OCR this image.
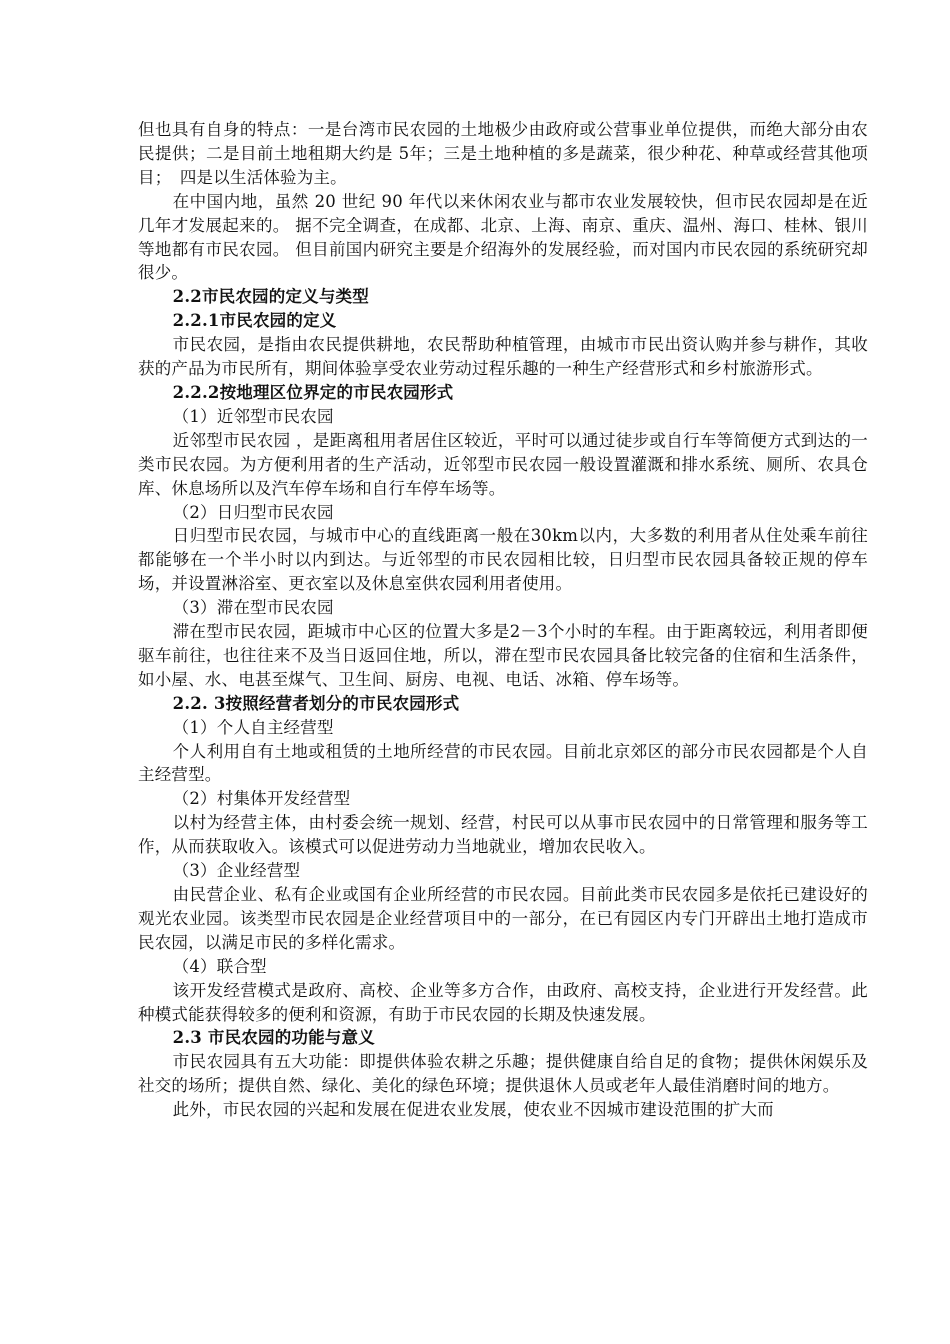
但也具有自身的特点：一是台湾市民农园的土地极少由政府或公营事业单位提供，而绝大部分由农民提供；二是目前土地租期大约是 5年；三是土地种植的多是蔬菜，很少种花、种草或经营其他项目；　四是以生活体验为主。

在中国内地，虽然 20 世纪 90 年代以来休闲农业与都市农业发展较快，但市民农园却是在近几年才发展起来的。 据不完全调查，在成都、北京、上海、南京、重庆、温州、海口、桂林、银川等地都有市民农园。 但目前国内研究主要是介绍海外的发展经验，而对国内市民农园的系统研究却很少。

2.2市民农园的定义与类型

2.2.1市民农园的定义

市民农园，是指由农民提供耕地，农民帮助种植管理，由城市市民出资认购并参与耕作，其收获的产品为市民所有，期间体验享受农业劳动过程乐趣的一种生产经营形式和乡村旅游形式。

2.2.2按地理区位界定的市民农园形式

（1）近邻型市民农园

近邻型市民农园 ，是距离租用者居住区较近，平时可以通过徒步或自行车等简便方式到达的一类市民农园。为方便利用者的生产活动，近邻型市民农园一般设置灌溉和排水系统、厕所、农具仓库、休息场所以及汽车停车场和自行车停车场等。

（2）日归型市民农园

日归型市民农园，与城市中心的直线距离一般在30km以内，大多数的利用者从住处乘车前往都能够在一个半小时以内到达。与近邻型的市民农园相比较，日归型市民农园具备较正规的停车场，并设置淋浴室、更衣室以及休息室供农园利用者使用。

（3）滞在型市民农园

滞在型市民农园，距城市中心区的位置大多是2－3个小时的车程。由于距离较远，利用者即便驱车前往，也往往来不及当日返回住地，所以，滞在型市民农园具备比较完备的住宿和生活条件，如小屋、水、电甚至煤气、卫生间、厨房、电视、电话、冰箱、停车场等。

2.2. 3按照经营者划分的市民农园形式

（1）个人自主经营型

个人利用自有土地或租赁的土地所经营的市民农园。目前北京郊区的部分市民农园都是个人自主经营型。

（2）村集体开发经营型

以村为经营主体，由村委会统一规划、经营，村民可以从事市民农园中的日常管理和服务等工作，从而获取收入。该模式可以促进劳动力当地就业，增加农民收入。

（3）企业经营型

由民营企业、私有企业或国有企业所经营的市民农园。目前此类市民农园多是依托已建设好的观光农业园。该类型市民农园是企业经营项目中的一部分，在已有园区内专门开辟出土地打造成市民农园，以满足市民的多样化需求。

（4）联合型

该开发经营模式是政府、高校、企业等多方合作，由政府、高校支持，企业进行开发经营。此种模式能获得较多的便利和资源，有助于市民农园的长期及快速发展。

2.3 市民农园的功能与意义

市民农园具有五大功能：即提供体验农耕之乐趣；提供健康自给自足的食物；提供休闲娱乐及社交的场所；提供自然、绿化、美化的绿色环境；提供退休人员或老年人最佳消磨时间的地方。

此外，市民农园的兴起和发展在促进农业发展，使农业不因城市建设范围的扩大而
